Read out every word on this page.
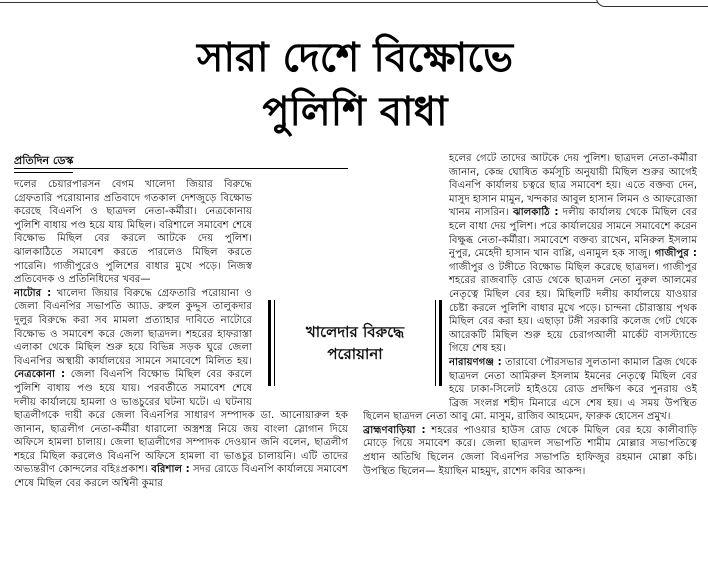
সারা দেশে বিক্ষোভে
পুলিশি বাধা
প্রতিদিন ডেস্ক

দলের চেয়ারপারসন বেগম খালেদা জিয়ার বিরুদ্ধে গ্রেফতারি পরোয়ানার প্রতিবাদে গতকাল দেশজুড়ে বিক্ষোভ করেছে বিএনপি ও ছাত্রদল নেতা-কর্মীরা। নেত্রকোনায় পুলিশি বাধায় পণ্ড হয়ে যায় মিছিল। বরিশালে সমাবেশ শেষে বিক্ষোভ মিছিল বের করলে আটকে দেয় পুলিশ। ঝালকাঠিতে সমাবেশ করতে পারলেও মিছিল করতে পারেনি। গাজীপুরেও পুলিশের বাধার মুখে পড়ে। নিজস্ব প্রতিবেদক ও প্রতিনিধিদের খবর—

নাটোর : খালেদা জিয়ার বিরুদ্ধে গ্রেফতারি পরোয়ানা ও জেলা বিএনপির সভাপতি অ্যাড. রুহুল কুদ্দুস তালুকদার দুলুর বিরুদ্ধে করা সব মামলা প্রত্যাহার দাবিতে নাটোরে বিক্ষোভ ও সমাবেশ করে জেলা ছাত্রদল। শহরের হাফরাস্তা এলাকা থেকে মিছিল শুরু হয়ে বিভিন্ন সড়ক ঘুরে জেলা বিএনপির অস্থায়ী কার্যালয়ের সামনে সমাবেশে মিলিত হয়। নেত্রকোনা : জেলা বিএনপি বিক্ষোভ মিছিল বের করলে পুলিশি বাধায় পণ্ড হয়ে যায়। পরবর্তীতে সমাবেশ শেষে দলীয় কার্যালয়ে হামলা ও ভাঙচুরের ঘটনা ঘটে। এ ঘটনায় ছাত্রলীগকে দায়ী করে জেলা বিএনপির সাধারণ সম্পাদক ডা. আনোয়ারুল হক জানান, ছাত্রলীগ নেতা-কর্মীরা ধারালো অস্ত্রশস্ত্র নিয়ে জয় বাংলা স্লোগান দিয়ে অফিসে হামলা চালায়। জেলা ছাত্রলীগের সম্পাদক দেওয়ান জনি বলেন, ছাত্রলীগ শহরে মিছিল করলেও বিএনপি অফিসে হামলা বা ভাঙচুর চালায়নি। এটি তাদের অভ্যন্তরীণ কোন্দলের বহিঃপ্রকাশ। বরিশাল : সদর রোডে বিএনপি কার্যালয়ে সমাবেশ শেষে মিছিল বের করলে অশ্বিনী কুমার

হলের গেটে তাদের আটকে দেয় পুলিশ। ছাত্রদল নেতা-কর্মীরা জানান, কেন্দ্র ঘোষিত কর্মসূচি অনুযায়ী মিছিল শুরুর আগেই বিএনপি কার্যালয় চত্বরে ছাত্র সমাবেশ হয়। এতে বক্তব্য দেন, মাসুদ হাসান মামুন, খন্দকার আবুল হাসান লিমন ও আফরোজা খানম নাসরিন। ঝালকাঠি : দলীয় কার্যালয় থেকে মিছিল বের হলে বাধা দেয় পুলিশ। পরে কার্যালয়ের সামনে সমাবেশে করেন বিক্ষুব্ধ নেতা-কর্মীরা। সমাবেশে বক্তব্য রাখেন, মনিরুল ইসলাম নুপুর, মেহেদী হাসান খান বাপ্পি, এনামুল হক সাজু। গাজীপুর : গাজীপুর ও টঙ্গীতে বিক্ষোভ মিছিল করেছে ছাত্রদল। গাজীপুর শহরের রাজবাড়ি রোড থেকে ছাত্রদল নেতা নুরুল আলমের নেতৃত্বে মিছিল বের হয়। মিছিলটি দলীয় কার্যালয়ে যাওয়ার চেষ্টা করলে পুলিশি বাধার মুখে পড়ে। চান্দনা চৌরাস্তায় পৃথক মিছিল বের করা হয়। এছাড়া টঙ্গী সরকারি কলেজ গেট থেকে আরেকটি মিছিল শুরু হয়ে চেরাগআলী মার্কেট বাসস্ট্যান্ডে গিয়ে শেষ হয়।

নারায়ণগঞ্জ : তারাবো পৌরসভার সুলতানা কামাল ব্রিজ থেকে ছাত্রদল নেতা আমিরুল ইসলাম ইমনের নেতৃত্বে মিছিল বের হয়ে ঢাকা-সিলেট হাইওয়ে রোড প্রদক্ষিণ করে পুনরায় ওই ব্রিজ সংলগ্ন শহীদ মিনারে এসে শেষ হয়। এ সময় উপস্থিত ছিলেন ছাত্রদল নেতা আবু মো. মাসুম, রাজিব আহমেদ, ফারুক হোসেন প্রমুখ।

ব্রাহ্মণবাড়িয়া : শহরের পাওয়ার হাউস রোড থেকে মিছিল বের হয়ে কালীবাড়ি মোড়ে গিয়ে সমাবেশ করে। জেলা ছাত্রদল সভাপতি শামীম মোল্লার সভাপতিত্বে প্রধান অতিথি ছিলেন জেলা বিএনপির সভাপতি হাফিজুর রহমান মোল্লা কচি। উপস্থিত ছিলেন— ইয়াছিন মাহমুদ, রাশেদ কবির আকন্দ।

খালেদার বিরুদ্ধে
পরোয়ানা
